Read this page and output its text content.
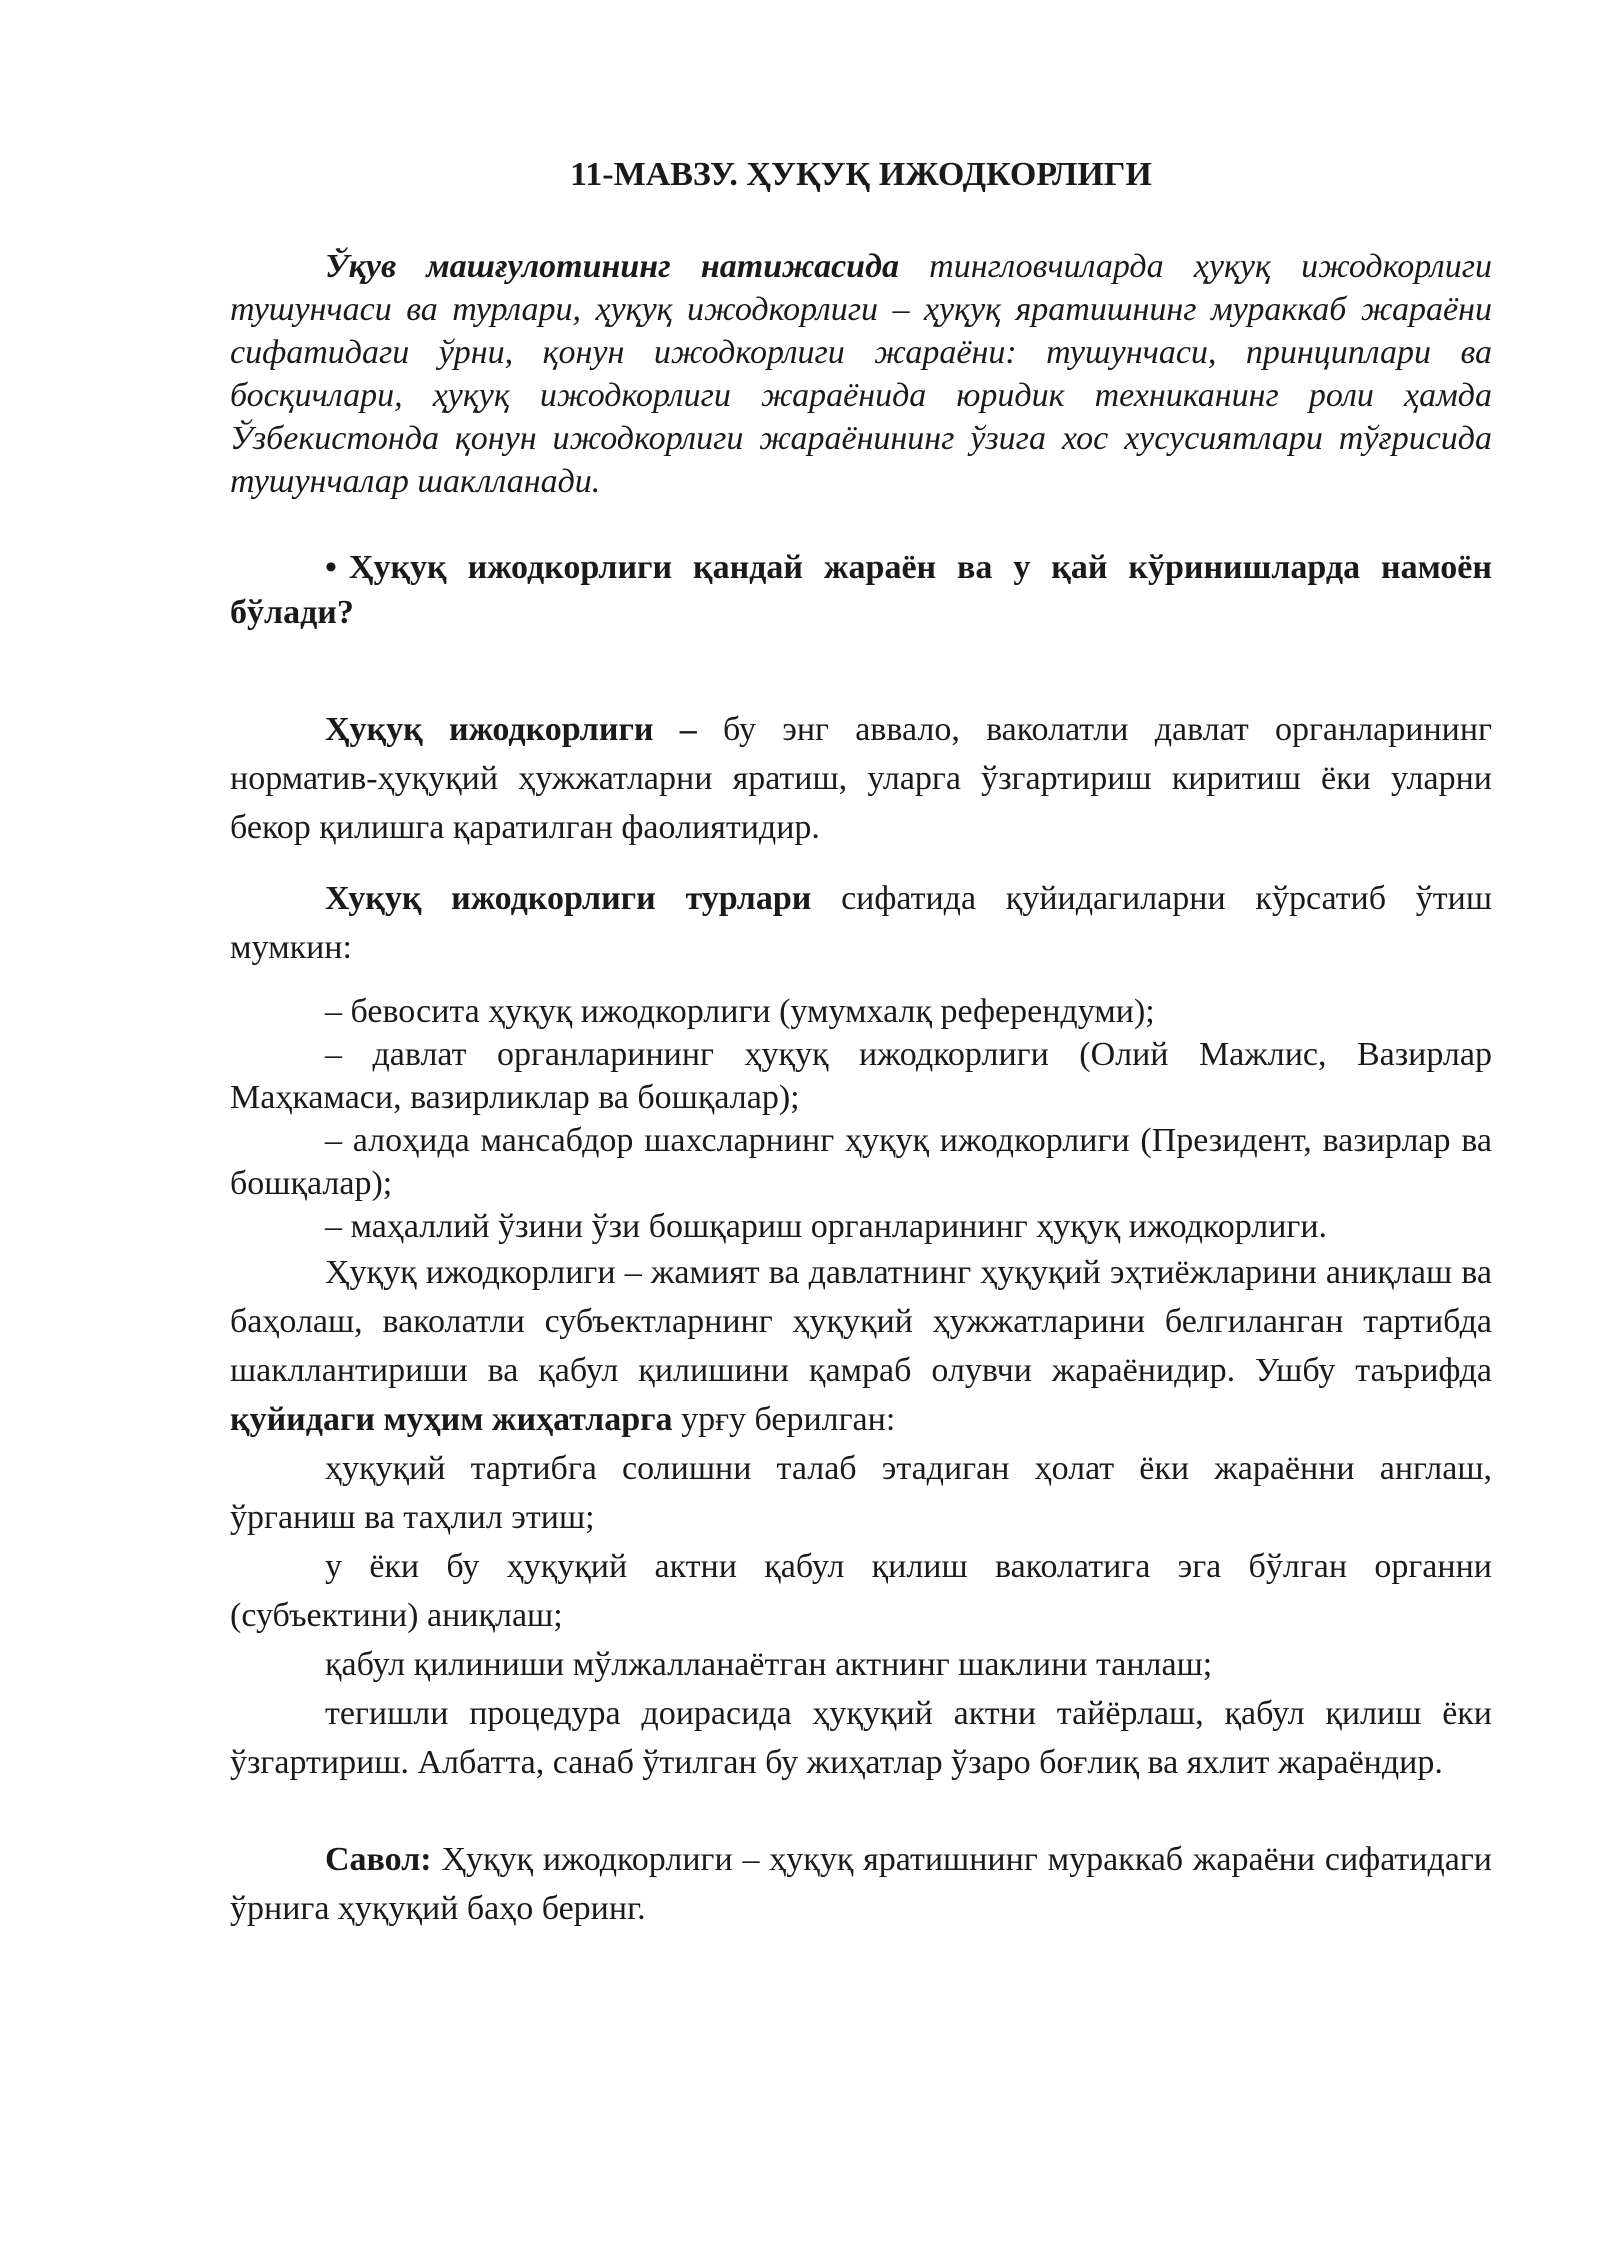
11-МАВЗУ. ҲУҚУҚ ИЖОДКОРЛИГИ

Ўқув машғулотининг натижасида тингловчиларда ҳуқуқ ижодкорлиги тушунчаси ва турлари, ҳуқуқ ижодкорлиги – ҳуқуқ яратишнинг мураккаб жараёни сифатидаги ўрни, қонун ижодкорлиги жараёни: тушунчаси, принциплари ва босқичлари, ҳуқуқ ижодкорлиги жараёнида юридик техниканинг роли ҳамда Ўзбекистонда қонун ижодкорлиги жараёнининг ўзига хос хусусиятлари тўғрисида тушунчалар шаклланади.

• Ҳуқуқ ижодкорлиги қандай жараён ва у қай кўринишларда намоён бўлади?

Ҳуқуқ ижодкорлиги – бу энг аввало, ваколатли давлат органларининг норматив-ҳуқуқий ҳужжатларни яратиш, уларга ўзгартириш киритиш ёки уларни бекор қилишга қаратилган фаолиятидир.

Хуқуқ ижодкорлиги турлари сифатида қуйидагиларни кўрсатиб ўтиш мумкин:

– бевосита ҳуқуқ ижодкорлиги (умумхалқ референдуми);

– давлат органларининг ҳуқуқ ижодкорлиги (Олий Мажлис, Вазирлар Маҳкамаси, вазирликлар ва бошқалар);

– алоҳида мансабдор шахсларнинг ҳуқуқ ижодкорлиги (Президент, вазирлар ва бошқалар);

– маҳаллий ўзини ўзи бошқариш органларининг ҳуқуқ ижодкорлиги.

Ҳуқуқ ижодкорлиги – жамият ва давлатнинг ҳуқуқий эҳтиёжларини аниқлаш ва баҳолаш, ваколатли субъектларнинг ҳуқуқий ҳужжатларини белгиланган тартибда шакллантириши ва қабул қилишини қамраб олувчи жараёнидир. Ушбу таърифда қуйидаги муҳим жиҳатларга урғу берилган:

ҳуқуқий тартибга солишни талаб этадиган ҳолат ёки жараённи англаш, ўрганиш ва таҳлил этиш;

у ёки бу ҳуқуқий актни қабул қилиш ваколатига эга бўлган органни (субъектини) аниқлаш;

қабул қилиниши мўлжалланаётган актнинг шаклини танлаш;

тегишли процедура доирасида ҳуқуқий актни тайёрлаш, қабул қилиш ёки ўзгартириш. Албатта, санаб ўтилган бу жиҳатлар ўзаро боғлиқ ва яхлит жараёндир.

Савол: Ҳуқуқ ижодкорлиги – ҳуқуқ яратишнинг мураккаб жараёни сифатидаги ўрнига ҳуқуқий баҳо беринг.
